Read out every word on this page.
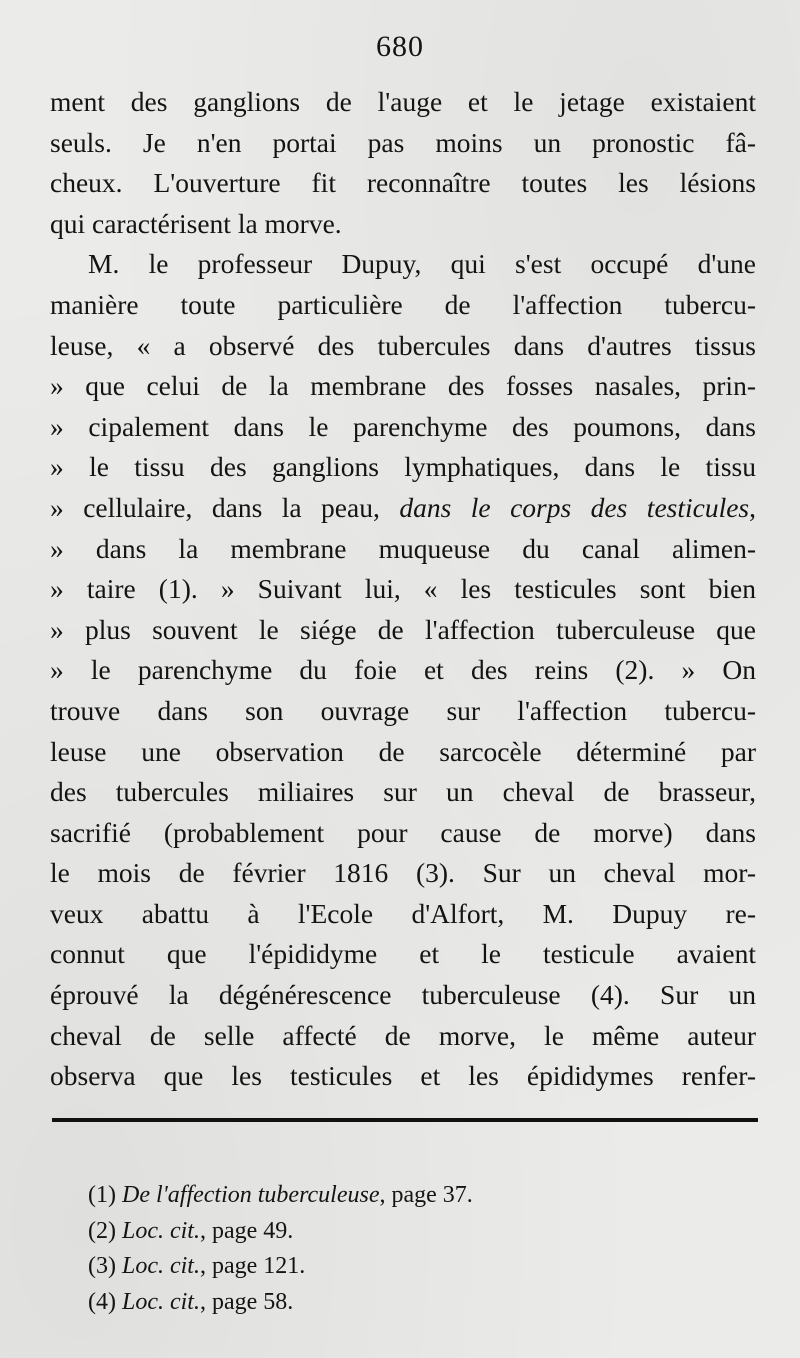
680
ment des ganglions de l'auge et le jetage existaient
seuls. Je n'en portai pas moins un pronostic fâ-
cheux. L'ouverture fit reconnaître toutes les lésions
qui caractérisent la morve.
M. le professeur Dupuy, qui s'est occupé d'une
manière toute particulière de l'affection tubercu-
leuse, « a observé des tubercules dans d'autres tissus
» que celui de la membrane des fosses nasales, prin-
» cipalement dans le parenchyme des poumons, dans
» le tissu des ganglions lymphatiques, dans le tissu
» cellulaire, dans la peau, dans le corps des testicules,
» dans la membrane muqueuse du canal alimen-
» taire (1). » Suivant lui, « les testicules sont bien
» plus souvent le siége de l'affection tuberculeuse que
» le parenchyme du foie et des reins (2). » On
trouve dans son ouvrage sur l'affection tubercu-
leuse une observation de sarcocèle déterminé par
des tubercules miliaires sur un cheval de brasseur,
sacrifié (probablement pour cause de morve) dans
le mois de février 1816 (3). Sur un cheval mor-
veux abattu à l'Ecole d'Alfort, M. Dupuy re-
connut que l'épididyme et le testicule avaient
éprouvé la dégénérescence tuberculeuse (4). Sur un
cheval de selle affecté de morve, le même auteur
observa que les testicules et les épididymes renfer-
(1) De l'affection tuberculeuse, page 37.
(2) Loc. cit., page 49.
(3) Loc. cit., page 121.
(4) Loc. cit., page 58.
